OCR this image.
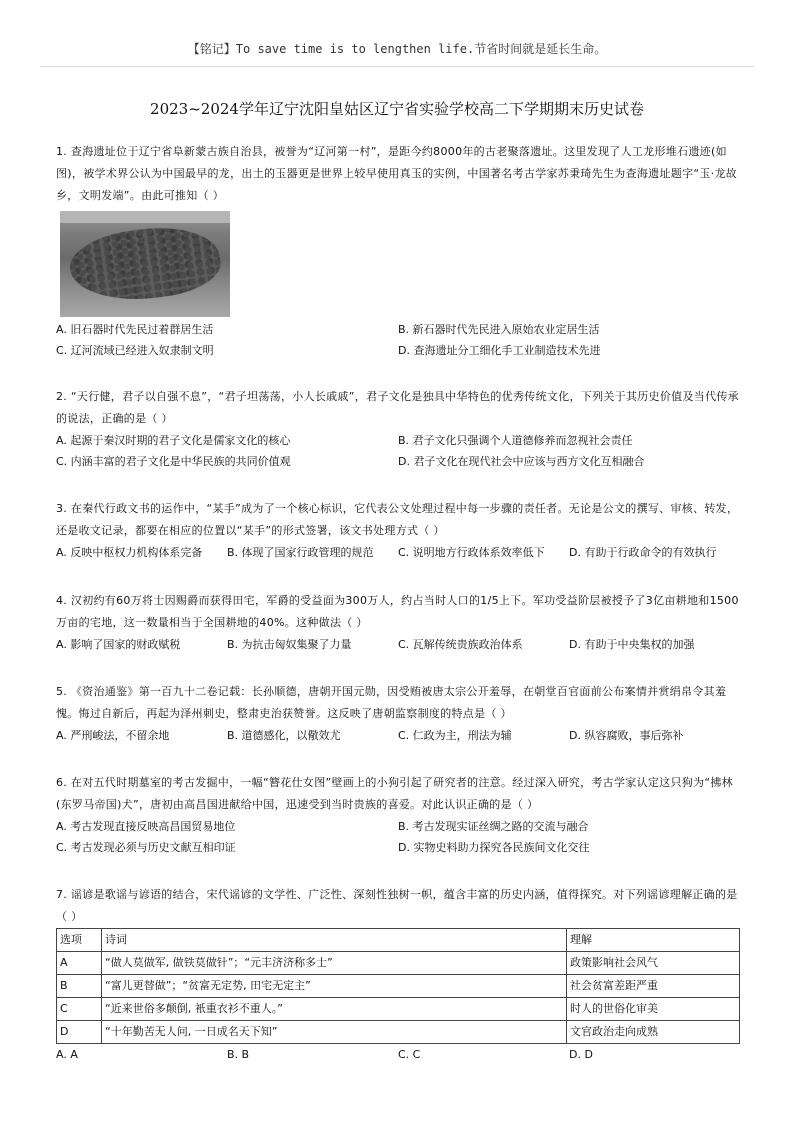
【铭记】To save time is to lengthen life.节省时间就是延长生命。
2023~2024学年辽宁沈阳皇姑区辽宁省实验学校高二下学期期末历史试卷

1. 查海遗址位于辽宁省阜新蒙古族自治县，被誉为“辽河第一村”，是距今约8000年的古老聚落遗址。这里发现了人工龙形堆石遗迹(如图)，被学术界公认为中国最早的龙，出土的玉器更是世界上较早使用真玉的实例，中国著名考古学家苏秉琦先生为查海遗址题字“玉·龙故乡，文明发端”。由此可推知（ ）

A. 旧石器时代先民过着群居生活	B. 新石器时代先民进入原始农业定居生活
C. 辽河流域已经进入奴隶制文明	D. 查海遗址分工细化手工业制造技术先进

2. “天行健，君子以自强不息”，“君子坦荡荡，小人长戚戚”，君子文化是独具中华特色的优秀传统文化，下列关于其历史价值及当代传承的说法，正确的是（ ）

A. 起源于秦汉时期的君子文化是儒家文化的核心	B. 君子文化只强调个人道德修养而忽视社会责任
C. 内涵丰富的君子文化是中华民族的共同价值观	D. 君子文化在现代社会中应该与西方文化互相融合

3. 在秦代行政文书的运作中，“某手”成为了一个核心标识，它代表公文处理过程中每一步骤的责任者。无论是公文的撰写、审核、转发，还是收文记录，都要在相应的位置以“某手”的形式签署，该文书处理方式（ ）

A. 反映中枢权力机构体系完备	B. 体现了国家行政管理的规范	C. 说明地方行政体系效率低下	D. 有助于行政命令的有效执行

4. 汉初约有60万将士因赐爵而获得田宅，军爵的受益面为300万人，约占当时人口的1/5上下。军功受益阶层被授予了3亿亩耕地和1500万亩的宅地，这一数量相当于全国耕地的40%。这种做法（ ）

A. 影响了国家的财政赋税	B. 为抗击匈奴集聚了力量	C. 瓦解传统贵族政治体系	D. 有助于中央集权的加强

5. 《资治通鉴》第一百九十二卷记载：长孙顺德，唐朝开国元勋，因受贿被唐太宗公开羞辱，在朝堂百官面前公布案情并赏绢帛令其羞愧。悔过自新后，再起为泽州刺史，整肃吏治获赞誉。这反映了唐朝监察制度的特点是（ ）

A. 严刑峻法，不留余地	B. 道德感化，以儆效尤	C. 仁政为主，刑法为辅	D. 纵容腐败，事后弥补

6. 在对五代时期墓室的考古发掘中，一幅“簪花仕女图”壁画上的小狗引起了研究者的注意。经过深入研究，考古学家认定这只狗为“拂林(东罗马帝国)犬”，唐初由高昌国进献给中国，迅速受到当时贵族的喜爱。对此认识正确的是（ ）

A. 考古发现直接反映高昌国贸易地位	B. 考古发现实证丝绸之路的交流与融合
C. 考古发现必须与历史文献互相印证	D. 实物史料助力探究各民族间文化交往

7. 谣谚是歌谣与谚语的结合，宋代谣谚的文学性、广泛性、深刻性独树一帜，蕴含丰富的历史内涵，值得探究。对下列谣谚理解正确的是（ ）

选项	诗词	理解
A	“做人莫做军, 做铁莫做针”；“元丰济济称多士”	政策影响社会风气
B	“富儿更替做”；“贫富无定势, 田宅无定主”	社会贫富差距严重
C	“近来世俗多颠倒, 衹重衣衫不重人。”	时人的世俗化审美
D	“十年勤苦无人问, 一日成名天下知”	文官政治走向成熟
A. A	B. B	C. C	D. D
